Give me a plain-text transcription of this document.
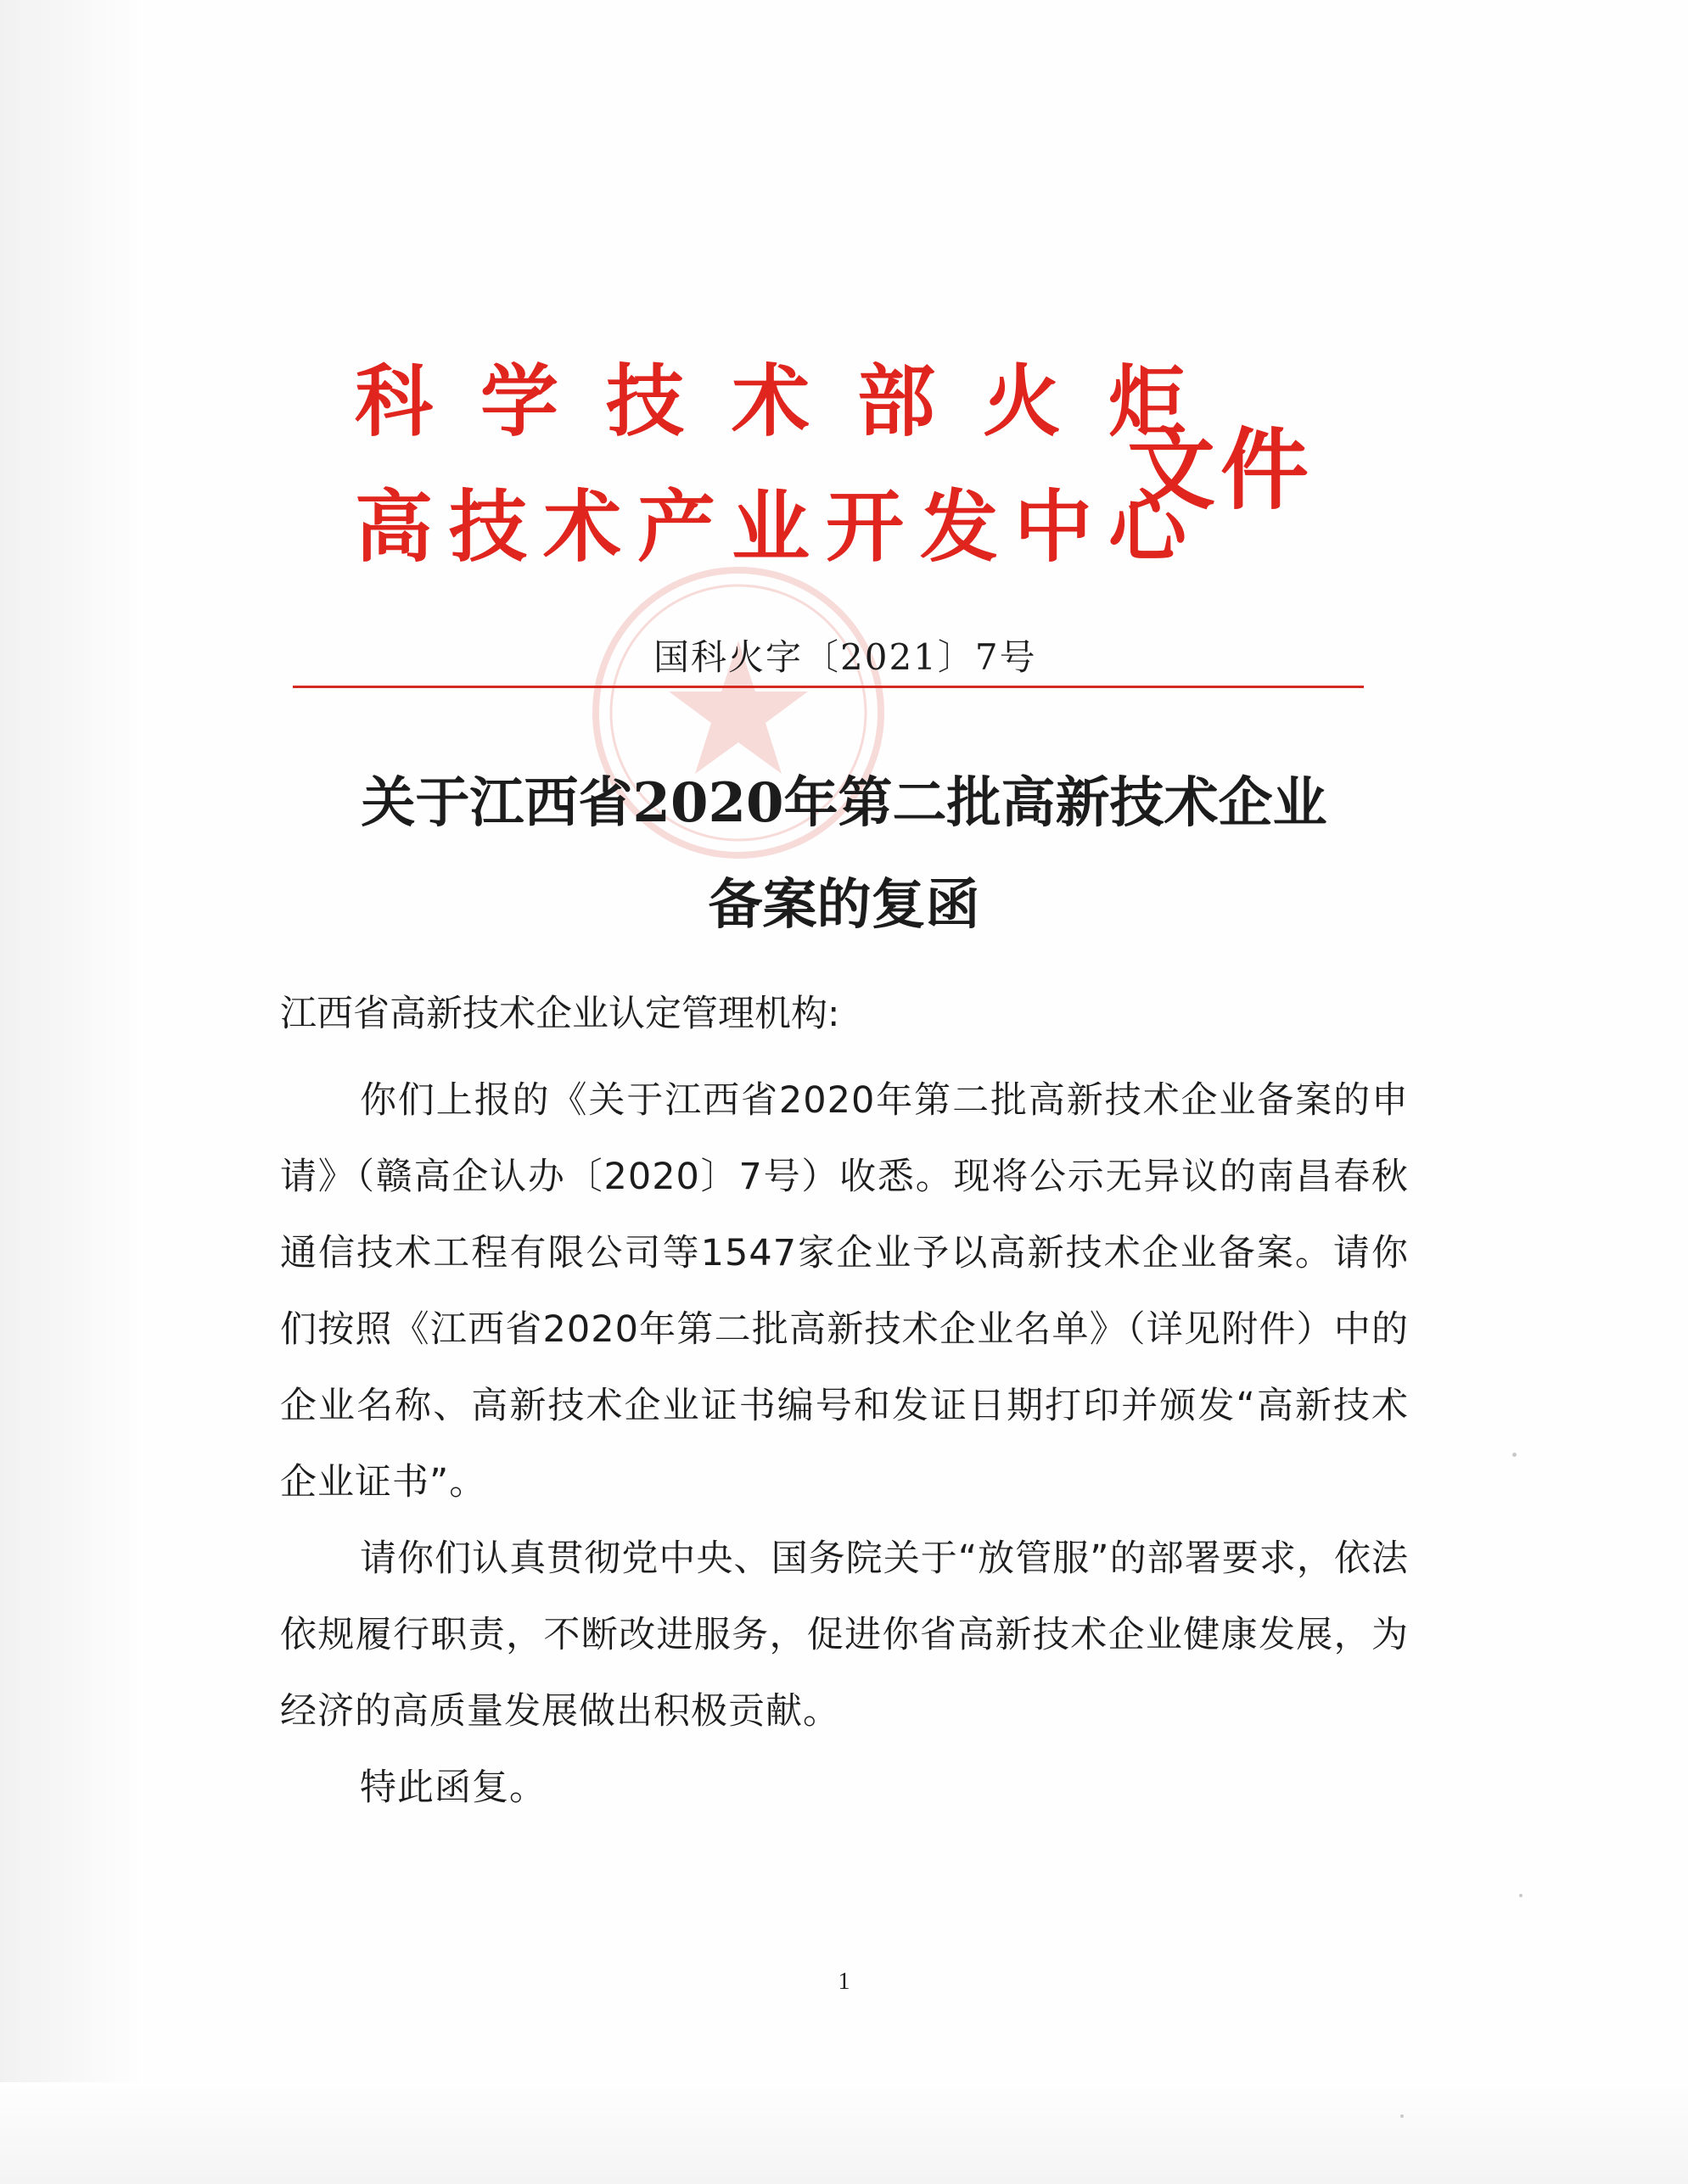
科学技术部火炬
高技术产业开发中心
文件
国科火字〔2021〕7号
关于江西省2020年第二批高新技术企业
备案的复函
江西省高新技术企业认定管理机构:
你们上报的《关于江西省2020年第二批高新技术企业备案的申请》（赣高企认办〔2020〕7号）收悉。现将公示无异议的南昌春秋通信技术工程有限公司等1547家企业予以高新技术企业备案。请你们按照《江西省2020年第二批高新技术企业名单》（详见附件）中的企业名称、高新技术企业证书编号和发证日期打印并颁发“高新技术企业证书”。
请你们认真贯彻党中央、国务院关于“放管服”的部署要求，依法依规履行职责，不断改进服务，促进你省高新技术企业健康发展，为经济的高质量发展做出积极贡献。
特此函复。
1
